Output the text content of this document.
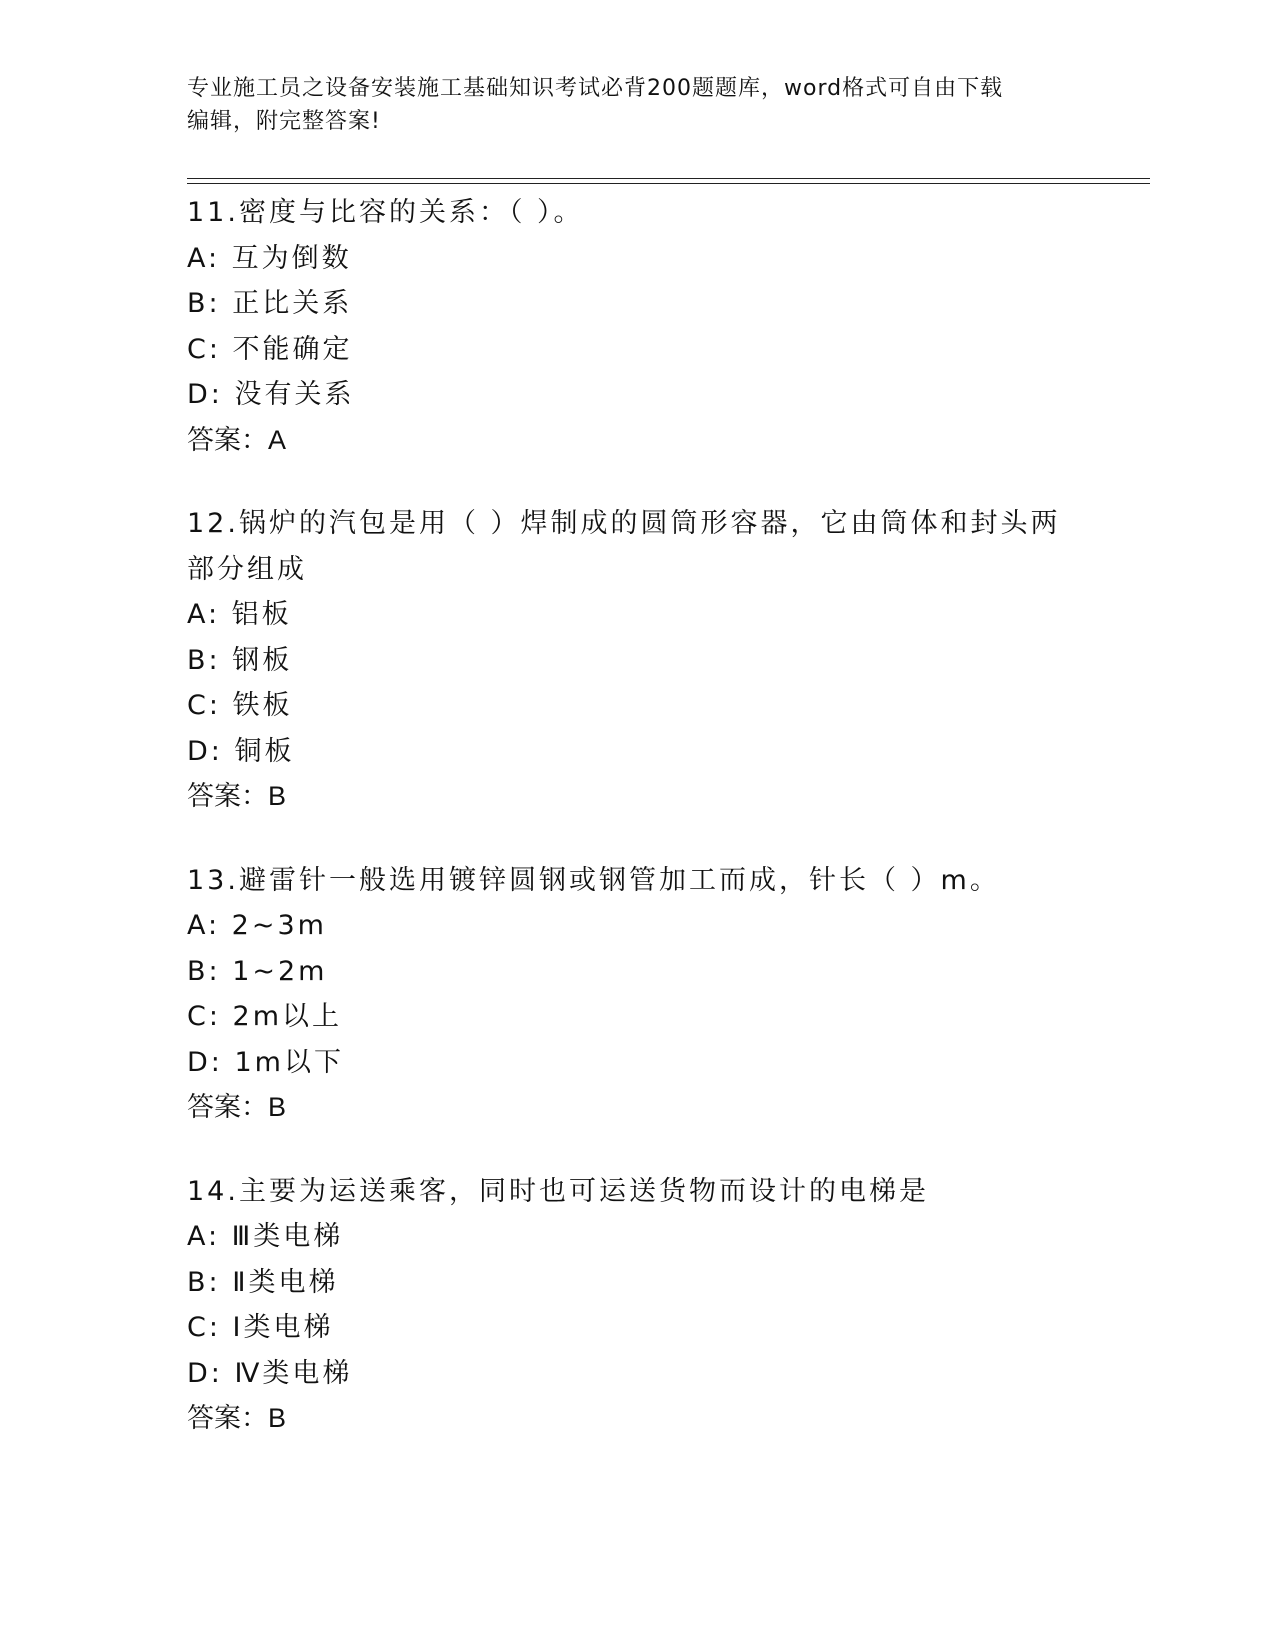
专业施工员之设备安装施工基础知识考试必背200题题库，word格式可自由下载
编辑，附完整答案!
11.密度与比容的关系：（ ）。
A: 互为倒数
B: 正比关系
C: 不能确定
D: 没有关系
答案：A
12.锅炉的汽包是用（ ）焊制成的圆筒形容器，它由筒体和封头两部分组成
A: 铝板
B: 钢板
C: 铁板
D: 铜板
答案：B
13.避雷针一般选用镀锌圆钢或钢管加工而成，针长（ ）m。
A: 2~3m
B: 1~2m
C: 2m以上
D: 1m以下
答案：B
14.主要为运送乘客，同时也可运送货物而设计的电梯是
A: Ⅲ类电梯
B: Ⅱ类电梯
C: Ⅰ类电梯
D: Ⅳ类电梯
答案：B
